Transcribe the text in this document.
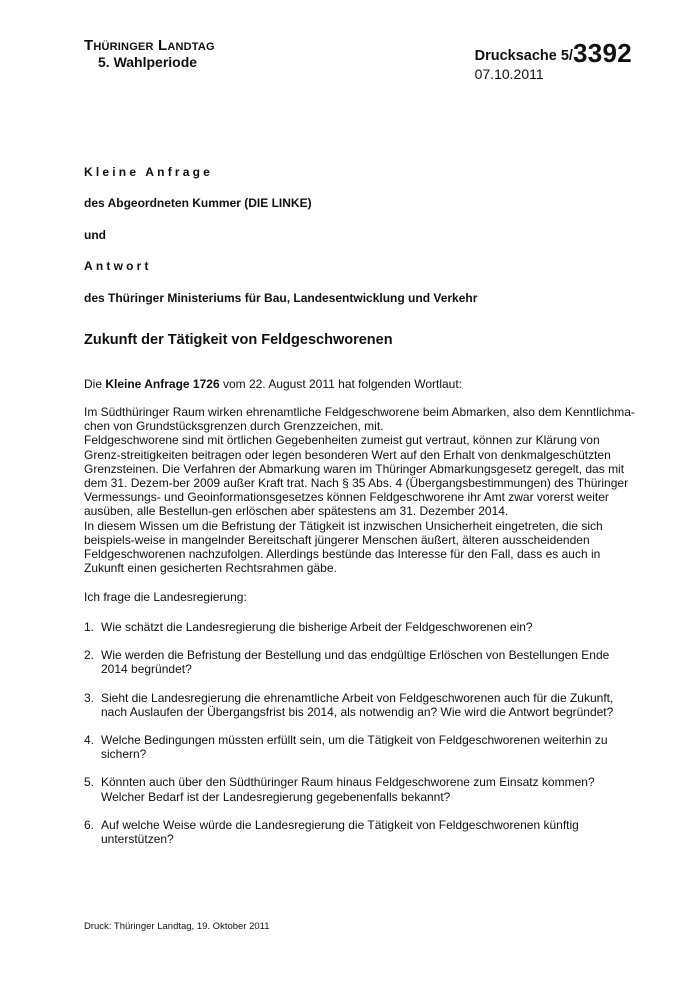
Thüringer Landtag
5. Wahlperiode	Drucksache 5/3392
07.10.2011
Kleine Anfrage
des Abgeordneten Kummer (DIE LINKE)
und
Antwort
des Thüringer Ministeriums für Bau, Landesentwicklung und Verkehr
Zukunft der Tätigkeit von Feldgeschworenen
Die Kleine Anfrage 1726 vom 22. August 2011 hat folgenden Wortlaut:

Im Südthüringer Raum wirken ehrenamtliche Feldgeschworene beim Abmarken, also dem Kenntlichma-chen von Grundstücksgrenzen durch Grenzzeichen, mit.

Feldgeschworene sind mit örtlichen Gegebenheiten zumeist gut vertraut, können zur Klärung von Grenz-streitigkeiten beitragen oder legen besonderen Wert auf den Erhalt von denkmalgeschützten Grenzsteinen. Die Verfahren der Abmarkung waren im Thüringer Abmarkungsgesetz geregelt, das mit dem 31. Dezem-ber 2009 außer Kraft trat. Nach § 35 Abs. 4 (Übergangsbestimmungen) des Thüringer Vermessungs- und Geoinformationsgesetzes können Feldgeschworene ihr Amt zwar vorerst weiter ausüben, alle Bestellun-gen erlöschen aber spätestens am 31. Dezember 2014.

In diesem Wissen um die Befristung der Tätigkeit ist inzwischen Unsicherheit eingetreten, die sich beispiels-weise in mangelnder Bereitschaft jüngerer Menschen äußert, älteren ausscheidenden Feldgeschworenen nachzufolgen. Allerdings bestünde das Interesse für den Fall, dass es auch in Zukunft einen gesicherten Rechtsrahmen gäbe.

Ich frage die Landesregierung:
1. Wie schätzt die Landesregierung die bisherige Arbeit der Feldgeschworenen ein?
2. Wie werden die Befristung der Bestellung und das endgültige Erlöschen von Bestellungen Ende 2014 begründet?
3. Sieht die Landesregierung die ehrenamtliche Arbeit von Feldgeschworenen auch für die Zukunft, nach Auslaufen der Übergangsfrist bis 2014, als notwendig an? Wie wird die Antwort begründet?
4. Welche Bedingungen müssten erfüllt sein, um die Tätigkeit von Feldgeschworenen weiterhin zu sichern?
5. Könnten auch über den Südthüringer Raum hinaus Feldgeschworene zum Einsatz kommen? Welcher Bedarf ist der Landesregierung gegebenenfalls bekannt?
6. Auf welche Weise würde die Landesregierung die Tätigkeit von Feldgeschworenen künftig unterstützen?
Druck: Thüringer Landtag, 19. Oktober 2011
